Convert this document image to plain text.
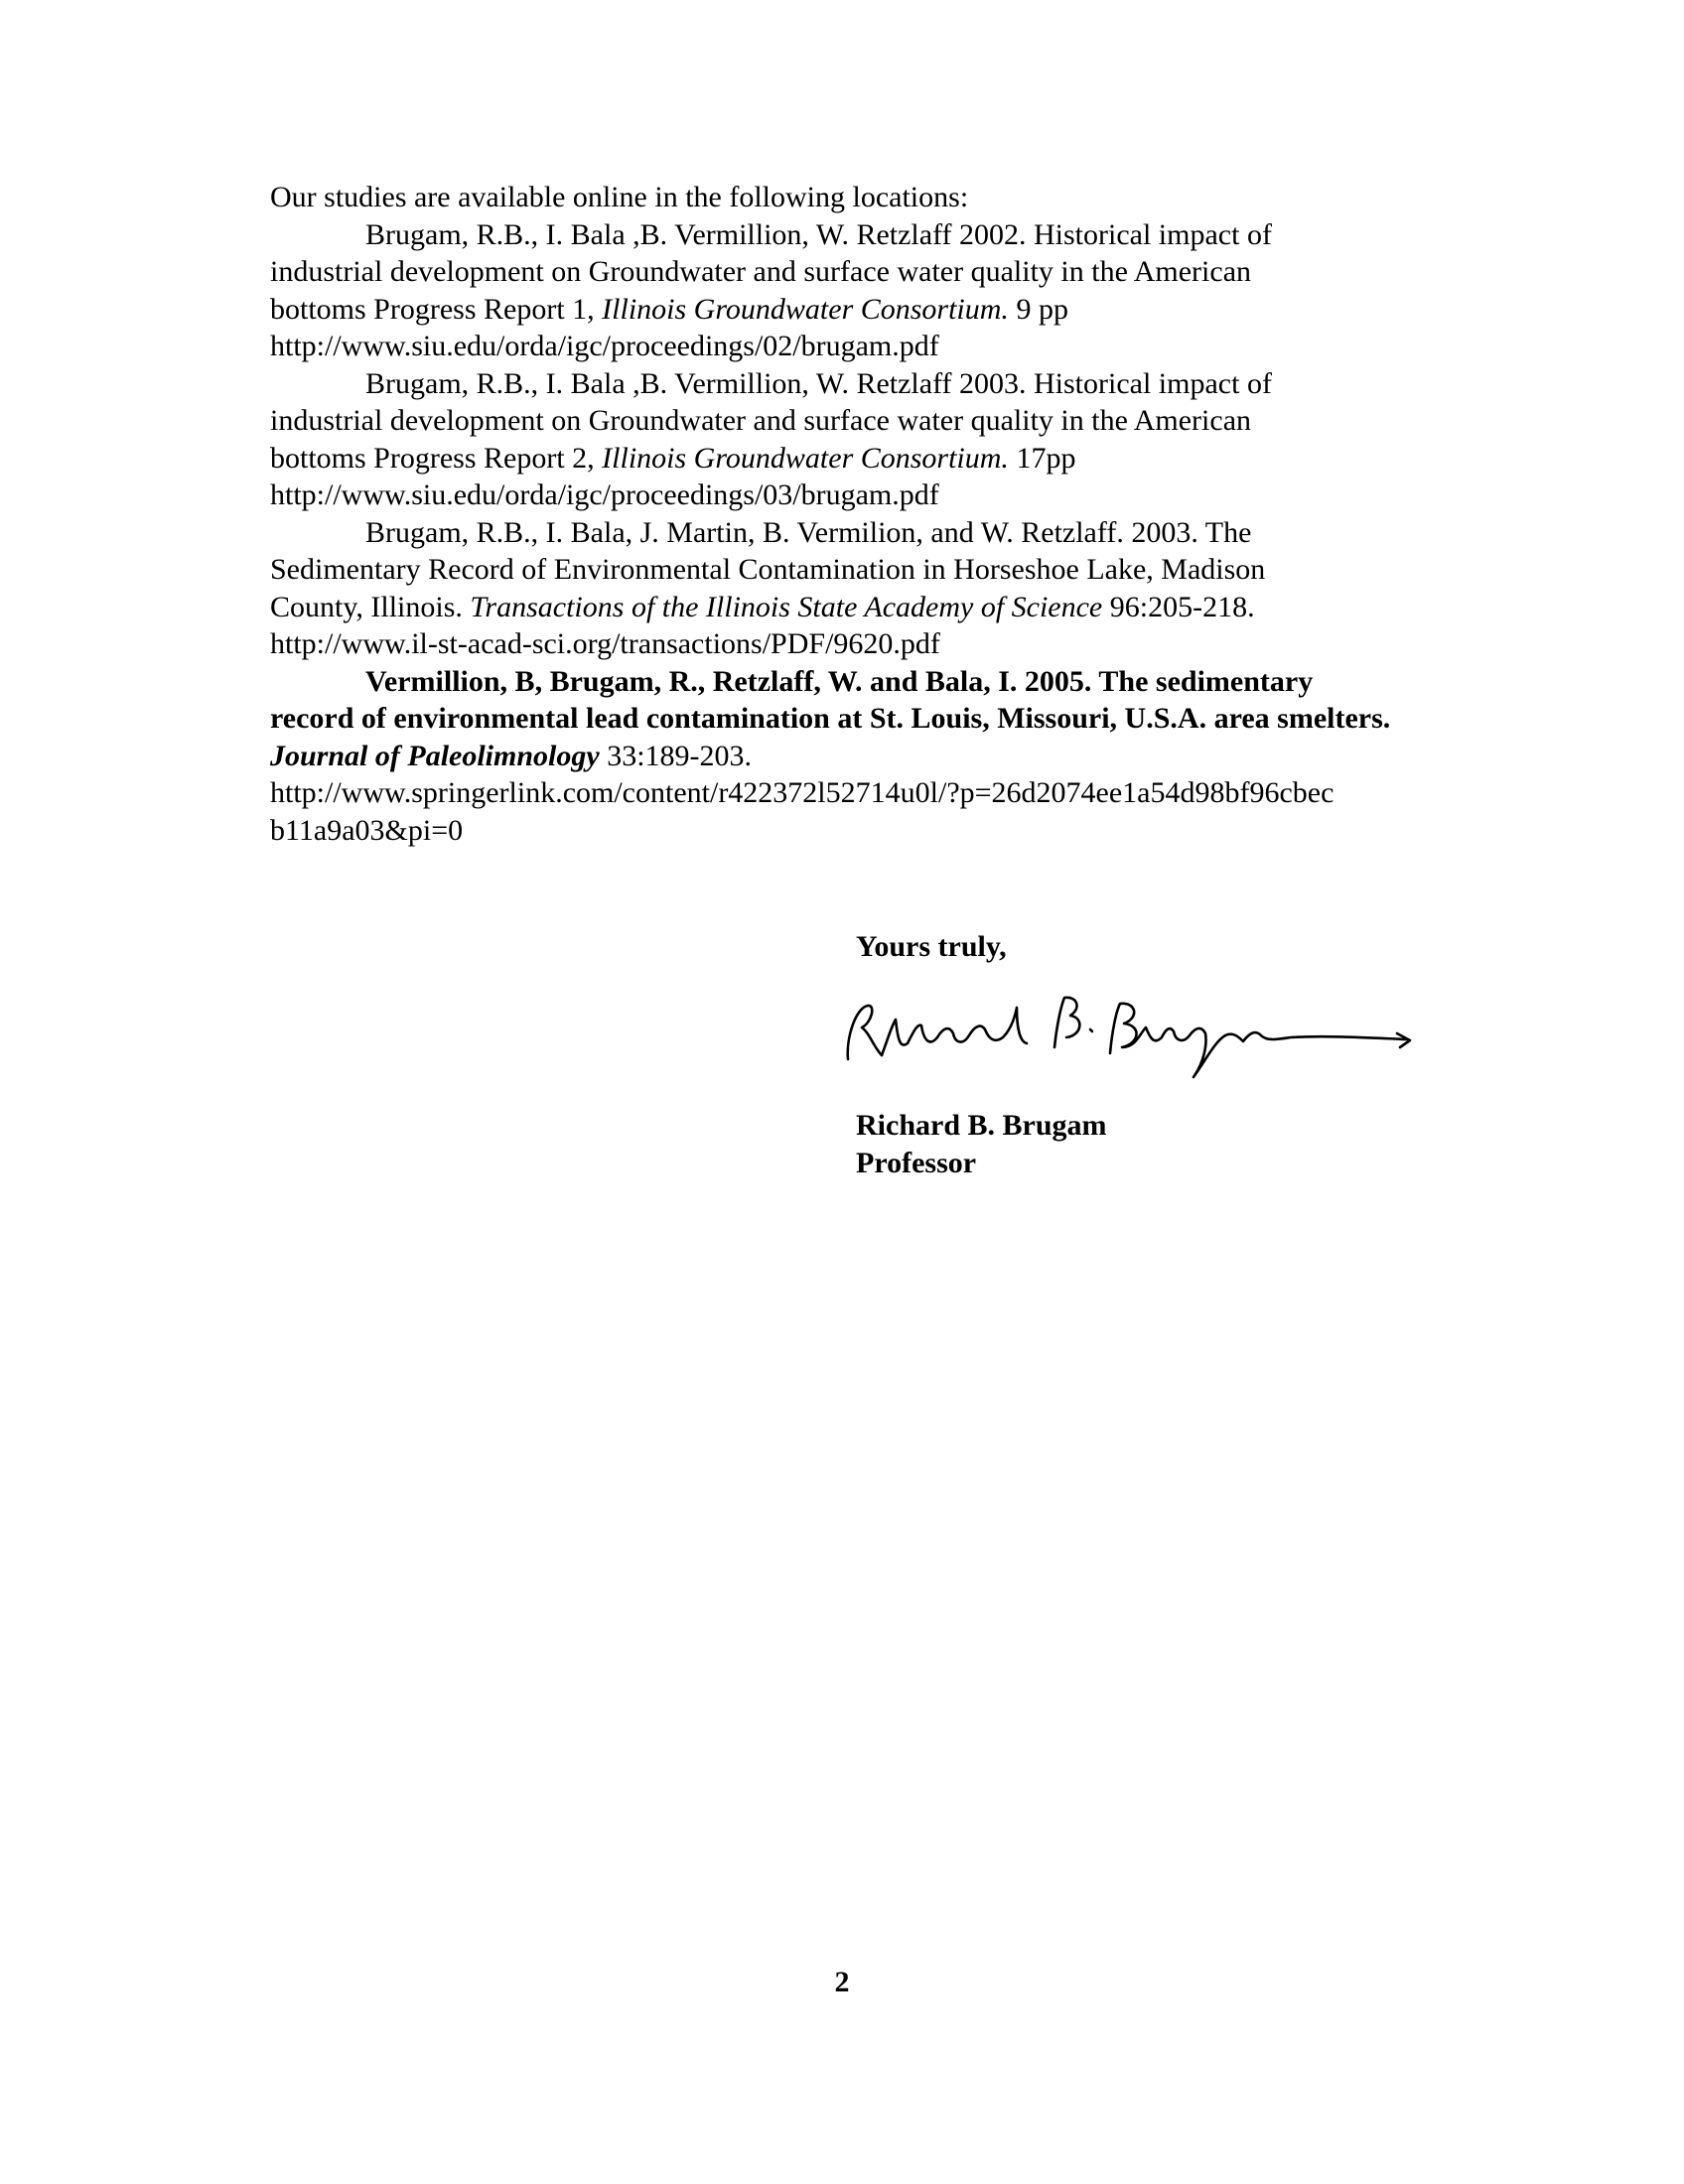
Our studies are available online in the following locations:
Brugam, R.B., I. Bala ,B. Vermillion, W. Retzlaff 2002. Historical impact of
industrial development on Groundwater and surface water quality in the American
bottoms Progress Report 1, Illinois Groundwater Consortium. 9 pp
http://www.siu.edu/orda/igc/proceedings/02/brugam.pdf
Brugam, R.B., I. Bala ,B. Vermillion, W. Retzlaff 2003. Historical impact of
industrial development on Groundwater and surface water quality in the American
bottoms Progress Report 2, Illinois Groundwater Consortium. 17pp
http://www.siu.edu/orda/igc/proceedings/03/brugam.pdf
Brugam, R.B., I. Bala, J. Martin, B. Vermilion, and W. Retzlaff. 2003. The
Sedimentary Record of Environmental Contamination in Horseshoe Lake, Madison
County, Illinois. Transactions of the Illinois State Academy of Science 96:205-218.
http://www.il-st-acad-sci.org/transactions/PDF/9620.pdf
Vermillion, B, Brugam, R., Retzlaff, W. and Bala, I. 2005. The sedimentary
record of environmental lead contamination at St. Louis, Missouri, U.S.A. area smelters.
Journal of Paleolimnology 33:189-203.
http://www.springerlink.com/content/r422372l52714u0l/?p=26d2074ee1a54d98bf96cbec
b11a9a03&pi=0
Yours truly,
Richard B. Brugam
Professor
2
